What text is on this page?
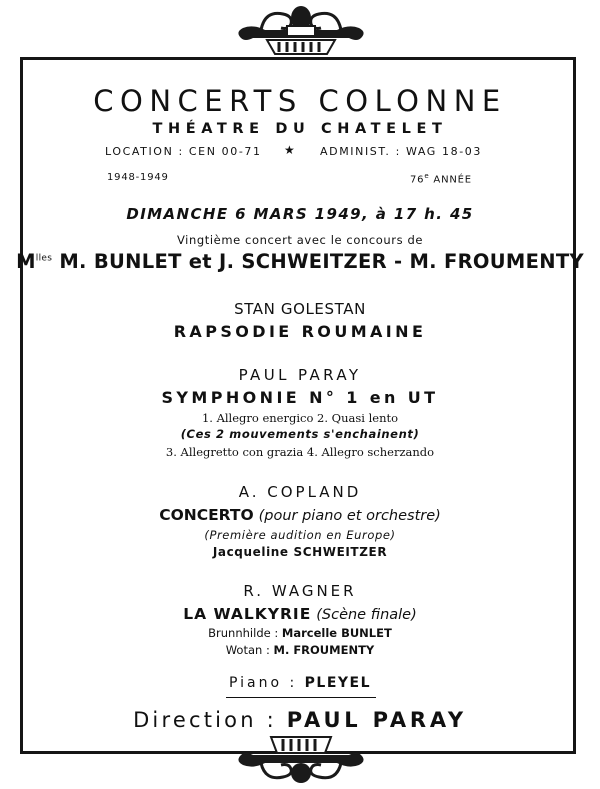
CONCERTS COLONNE
THÉATRE DU CHATELET
LOCATION : CEN 00-71 ★ ADMINIST. : WAG 18-03
1948-1949	76e ANNÉE
DIMANCHE 6 MARS 1949, à 17 h. 45
Vingtième concert avec le concours de
$M^{lles}$ M. BUNLET et J. SCHWEITZER - M. FROUMENTY
STAN GOLESTAN
RAPSODIE ROUMAINE
PAUL PARAY
SYMPHONIE N° 1 en UT
1. Allegro energico 2. Quasi lento
(Ces 2 mouvements s'enchainent)
3. Allegretto con grazia 4. Allegro scherzando
A. COPLAND
CONCERTO (pour piano et orchestre)
(Première audition en Europe)
Jacqueline SCHWEITZER
R. WAGNER
LA WALKYRIE (Scène finale)
Brunnhilde : Marcelle BUNLET
Wotan : M. FROUMENTY
Piano : PLEYEL
Direction : PAUL PARAY
